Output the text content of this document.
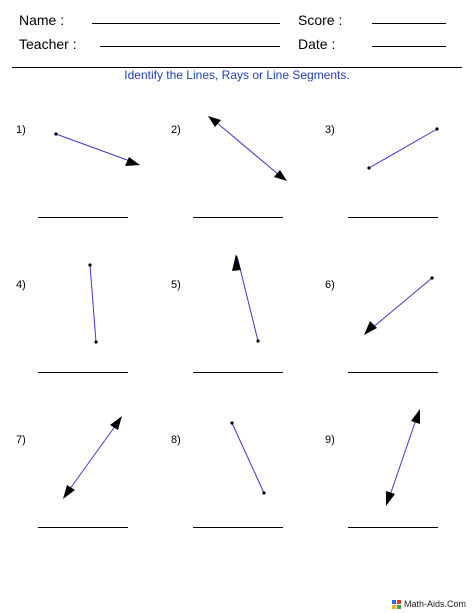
Name :	Score :
Teacher :	Date :
Identify the Lines, Rays or Line Segments.
1)	2)	3)
4)	5)	6)
7)	8)	9)
Math-Aids.Com
